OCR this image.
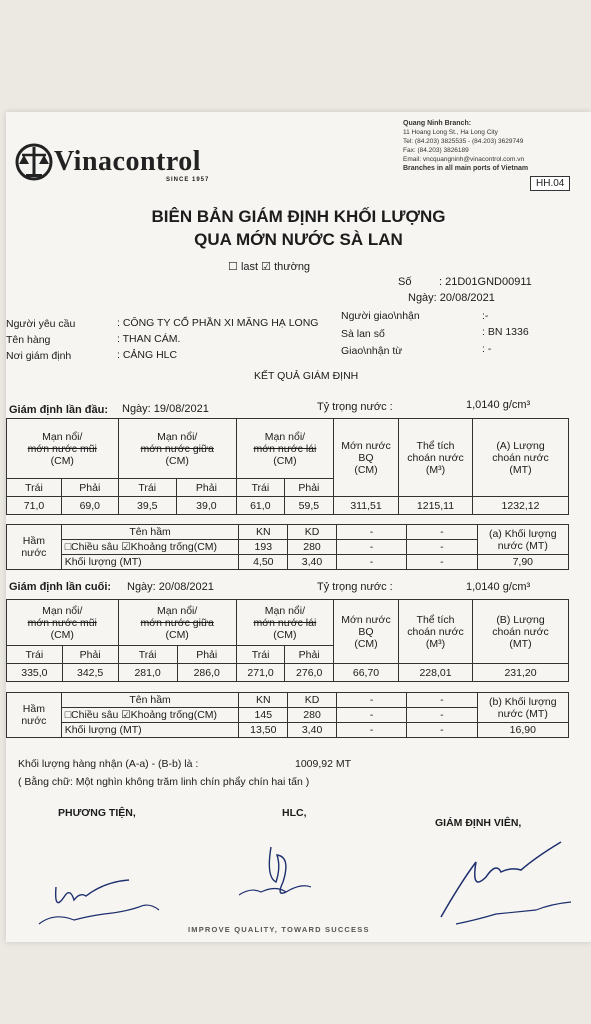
Vinacontrol
SINCE 1957
Quang Ninh Branch:
11 Hoang Long St., Ha Long City
Tel: (84.203) 3825535 - (84.203) 3629749
Fax: (84.203) 3826189
Email: vncquangninh@vinacontrol.com.vn
Branches in all main ports of Vietnam
HH.04
BIÊN BẢN GIÁM ĐỊNH KHỐI LƯỢNG
QUA MỚN NƯỚC SÀ LAN
☐ last ☑ thường
Số	: 21D01GND00911
Ngày: 20/08/2021
Người yêu cầu	: CÔNG TY CỔ PHẦN XI MĂNG HẠ LONG
Tên hàng	: THAN CÁM.
Nơi giám định	: CẢNG HLC
Người giao\nhận	:-
Sà lan số	: BN 1336
Giao\nhận từ	: -
KẾT QUẢ GIÁM ĐỊNH
Giám định lần đầu: Ngày: 19/08/2021	Tỷ trọng nước :	1,0140 g/cm³
Mạn nổi/
mớn nước mũi
(CM)		Mạn nổi/
mớn nước giữa
(CM)		Mạn nổi/
mớn nước lái
(CM)		Mớn nước
BQ
(CM)	Thể tích
choán nước
(M³)	(A) Lượng
choán nước
(MT)
Trái	Phải	Trái	Phải	Trái	Phải			
71,0	69,0	39,5	39,0	61,0	59,5	311,51	1215,11	1232,12
Hầm
nước	Tên hầm	KN	KD	-	-	(a) Khối lượng nước (MT)
	□Chiều sâu ☑Khoảng trống(CM)	193	280	-	-	
	Khối lượng (MT)	4,50	3,40	-	-	7,90
Giám định lần cuối: Ngày: 20/08/2021	Tỷ trọng nước :	1,0140 g/cm³
Mạn nổi/
mớn nước mũi
(CM)		Mạn nổi/
mớn nước giữa
(CM)		Mạn nổi/
mớn nước lái
(CM)		Mớn nước
BQ
(CM)	Thể tích
choán nước
(M³)	(B) Lượng
choán nước
(MT)
Trái	Phải	Trái	Phải	Trái	Phải			
335,0	342,5	281,0	286,0	271,0	276,0	66,70	228,01	231,20
Hầm
nước	Tên hầm	KN	KD	-	-	(b) Khối lượng nước (MT)
	□Chiều sâu ☑Khoảng trống(CM)	145	280	-	-	
	Khối lượng (MT)	13,50	3,40	-	-	16,90
Khối lượng hàng nhận (A-a) - (B-b) là :	1009,92 MT
( Bằng chữ: Một nghìn không trăm linh chín phẩy chín hai tấn )
PHƯƠNG TIỆN,	HLC,
GIÁM ĐỊNH VIÊN,
IMPROVE QUALITY, TOWARD SUCCESS
